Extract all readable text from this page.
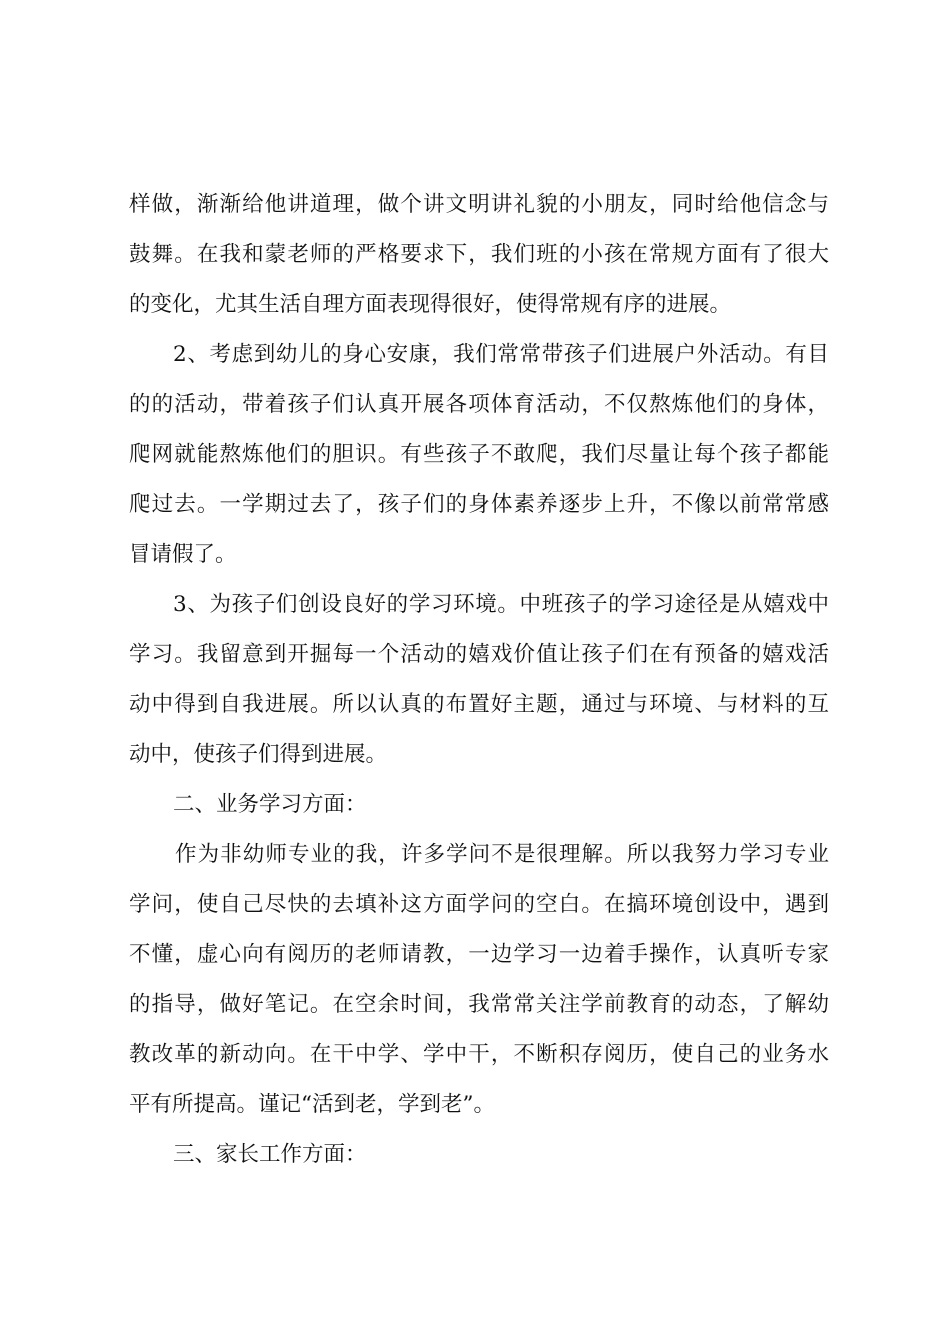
样做，渐渐给他讲道理，做个讲文明讲礼貌的小朋友，同时给他信念与
鼓舞。在我和蒙老师的严格要求下，我们班的小孩在常规方面有了很大
的变化，尤其生活自理方面表现得很好，使得常规有序的进展。
2、考虑到幼儿的身心安康，我们常常带孩子们进展户外活动。有目
的的活动，带着孩子们认真开展各项体育活动，不仅熬炼他们的身体，
爬网就能熬炼他们的胆识。有些孩子不敢爬，我们尽量让每个孩子都能
爬过去。一学期过去了，孩子们的身体素养逐步上升，不像以前常常感
冒请假了。
3、为孩子们创设良好的学习环境。中班孩子的学习途径是从嬉戏中
学习。我留意到开掘每一个活动的嬉戏价值让孩子们在有预备的嬉戏活
动中得到自我进展。所以认真的布置好主题，通过与环境、与材料的互
动中，使孩子们得到进展。
二、业务学习方面：
作为非幼师专业的我，许多学问不是很理解。所以我努力学习专业
学问，使自己尽快的去填补这方面学问的空白。在搞环境创设中，遇到
不懂，虚心向有阅历的老师请教，一边学习一边着手操作，认真听专家
的指导，做好笔记。在空余时间，我常常关注学前教育的动态，了解幼
教改革的新动向。在干中学、学中干，不断积存阅历，使自己的业务水
平有所提高。谨记“活到老，学到老”。
三、家长工作方面：
